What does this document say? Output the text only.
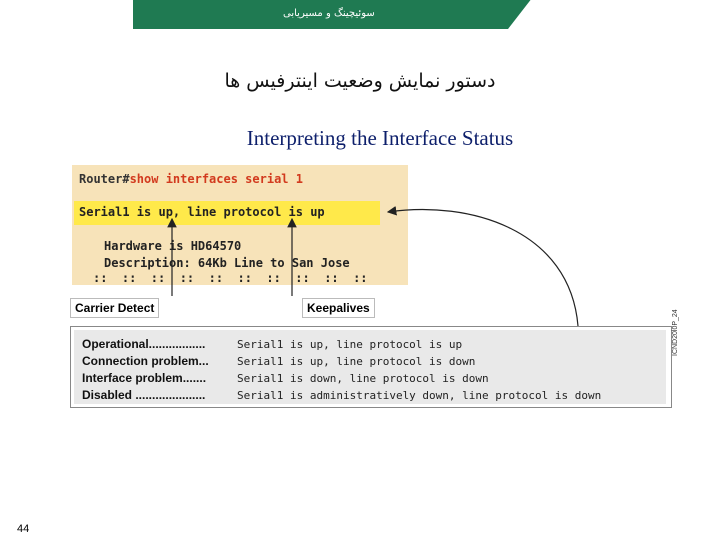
سوئیچینگ و مسیریابی
دستور نمایش وضعیت اینترفیس ها
Interpreting the Interface Status
Router#show interfaces serial 1
Serial1 is up, line protocol is up
Hardware is HD64570
Description: 64Kb Line to San Jose
::  ::  ::  ::  ::  ::  ::  ::  ::  ::
Carrier Detect	Keepalives
Operational.................	Serial1 is up, line protocol is up
Connection problem...	Serial1 is up, line protocol is down
Interface problem.......	Serial1 is down, line protocol is down
Disabled .....................	Serial1 is administratively down, line protocol is down
ICND20l0P_24
44
